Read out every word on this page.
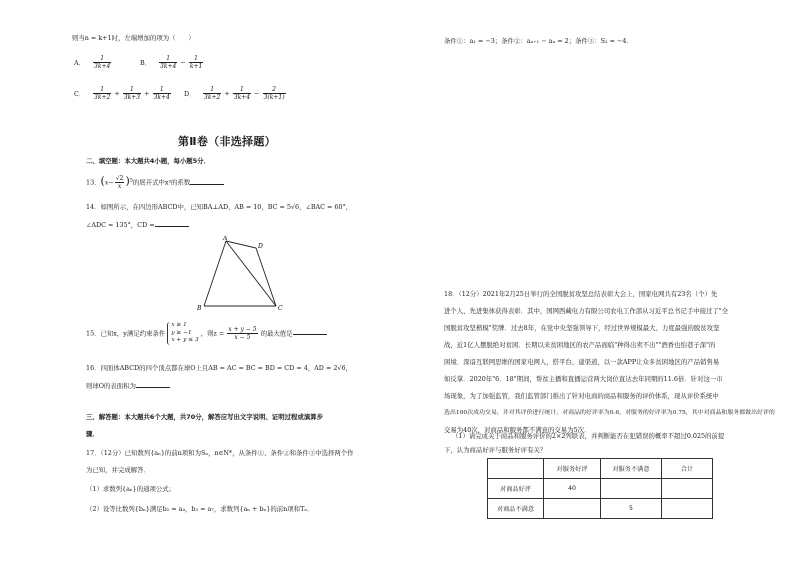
则当n = k+1时，左端增加的项为（　　）
A． $\frac{1}{3k+4}$	B． $\frac{1}{3k+4} - \frac{1}{k+1}$
C． $\frac{1}{3k+2} + \frac{1}{3k+3} + \frac{1}{3k+4}$ D． $\frac{1}{3k+2} + \frac{1}{3k+4} - \frac{2}{3(k+1)}$
第Ⅱ卷（非选择题）
二、填空题：本大题共4小题，每小题5分．
13．$(x- \frac{√2}{x} )^5$的展开式中x³的系数
14．如图所示，在四边形ABCD中，已知BA⊥AD，AB = 10，BC = 5√6，∠BAC = 60°，
∠ADC = 135°，CD =
A
B	C
D
15．已知x，y满足约束条件
x ≥ 1
y ≥ −1
x + y ≤ 3
，则$z = \frac{x + y - 5}{x - 5}$ 的最大值是
16．四面体ABCD的四个顶点都在球O上且AB = AC = BC = BD = CD = 4，AD = 2√6，
则球O的表面积为
三、解答题：本大题共6个大题，共70分，解答应写出文字说明、证明过程或演算步
骤．
17．（12分）已知数列{aₙ}的前n项和为Sₙ，n∈N*，从条件①、条件②和条件③中选择两个作
为已知，并完成解答．
（1）求数列{aₙ}的通项公式；
（2）设等比数列{bₙ}满足b₂ = a₄，b₃ = a₇，求数列{aₙ + bₙ}的前n项和Tₙ．
条件①：a₁ = −3；条件②：aₙ₊₁ − aₙ = 2；条件③：S₂ = −4．
18．（12分）2021年2月25日举行的全国脱贫攻坚总结表彰大会上，国家电网共有23名（个）先
进个人、先进集体获得表彰．其中，国网西藏电力有限公司农电工作部从习近平总书记手中接过了"全
国脱贫攻坚楷模"奖牌．过去8年，在党中央坚强领导下，经过世界规模最大、力度最强的脱贫攻坚
战，近1亿人摆脱绝对贫困．长期以来贫困地区的农产品面临"种得出卖不出""酒香也怕巷子深"的
困境．深谙互联网思维的国家电网人，搭平台、建渠道，以一款APP让众多贫困地区的产品销售易
如反掌．2020年"6．18"期间，帮贫主播和直播运营两大岗位直达去年同期的11.6倍．针对这一市
场现象，为了加强监管，我们监管部门推出了针对电商的商品和服务的评价体系，现从评价系统中
选出100次成功交易，并对其评价进行统计，对商品的好评率为0.6，对服务的好评率为0.75，其中对商品和服务都做出好评的
交易为40次，对商品和服务都不满意的交易为5次．
（1）请完成关于商品和服务评价的2×2列联表，并判断能否在犯错误的概率不超过0.025的前提
下，认为商品好评与服务好评有关？
	对服务好评	对服务不满意	合计
对商品好评	40		
对商品不满意		5	
